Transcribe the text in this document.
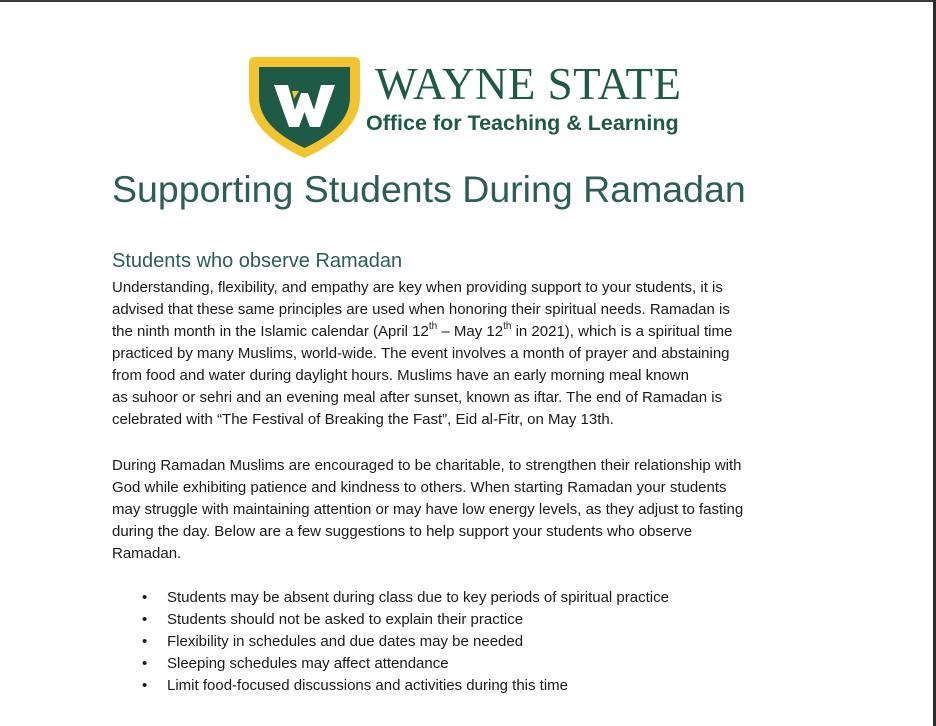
WAYNE STATE
Office for Teaching & Learning
Supporting Students During Ramadan
Students who observe Ramadan
Understanding, flexibility, and empathy are key when providing support to your students, it is
advised that these same principles are used when honoring their spiritual needs. Ramadan is
the ninth month in the Islamic calendar (April 12th – May 12th in 2021), which is a spiritual time
practiced by many Muslims, world-wide. The event involves a month of prayer and abstaining
from food and water during daylight hours. Muslims have an early morning meal known
as suhoor or sehri and an evening meal after sunset, known as iftar. The end of Ramadan is
celebrated with “The Festival of Breaking the Fast”, Eid al-Fitr, on May 13th.
During Ramadan Muslims are encouraged to be charitable, to strengthen their relationship with
God while exhibiting patience and kindness to others. When starting Ramadan your students
may struggle with maintaining attention or may have low energy levels, as they adjust to fasting
during the day. Below are a few suggestions to help support your students who observe
Ramadan.
• Students may be absent during class due to key periods of spiritual practice
• Students should not be asked to explain their practice
• Flexibility in schedules and due dates may be needed
• Sleeping schedules may affect attendance
• Limit food-focused discussions and activities during this time
